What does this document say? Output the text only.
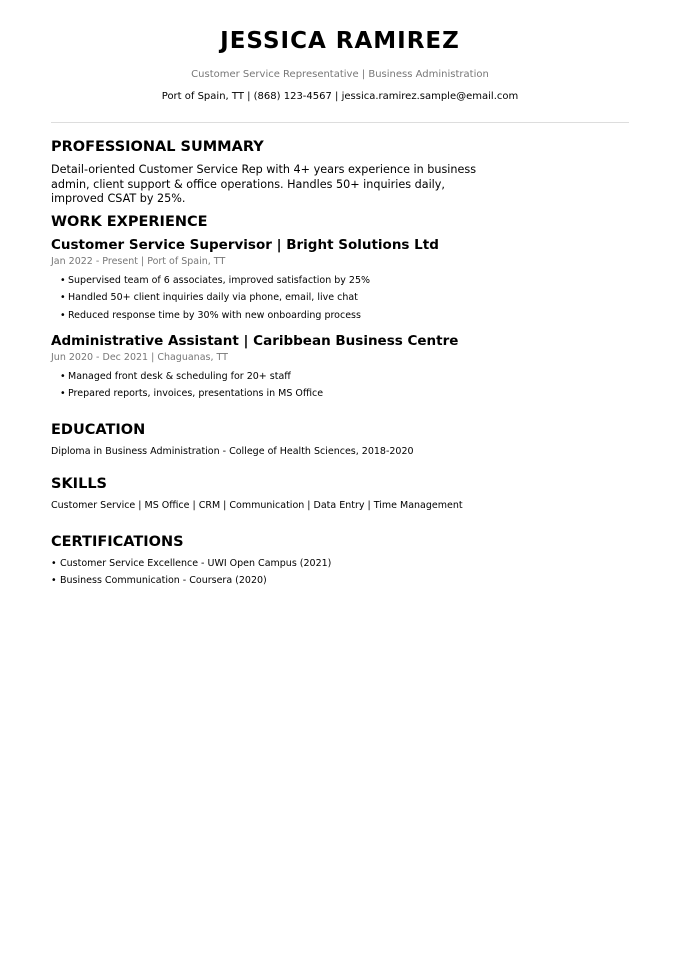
JESSICA RAMIREZ
Customer Service Representative | Business Administration
Port of Spain, TT | (868) 123-4567 | jessica.ramirez.sample@email.com
PROFESSIONAL SUMMARY
Detail-oriented Customer Service Rep with 4+ years experience in business admin, client support & office operations. Handles 50+ inquiries daily, improved CSAT by 25%.
WORK EXPERIENCE
Customer Service Supervisor | Bright Solutions Ltd
Jan 2022 - Present | Port of Spain, TT
• Supervised team of 6 associates, improved satisfaction by 25%
• Handled 50+ client inquiries daily via phone, email, live chat
• Reduced response time by 30% with new onboarding process
Administrative Assistant | Caribbean Business Centre
Jun 2020 - Dec 2021 | Chaguanas, TT
• Managed front desk & scheduling for 20+ staff
• Prepared reports, invoices, presentations in MS Office
EDUCATION
Diploma in Business Administration - College of Health Sciences, 2018-2020
SKILLS
Customer Service | MS Office | CRM | Communication | Data Entry | Time Management
CERTIFICATIONS
• Customer Service Excellence - UWI Open Campus (2021)
• Business Communication - Coursera (2020)
